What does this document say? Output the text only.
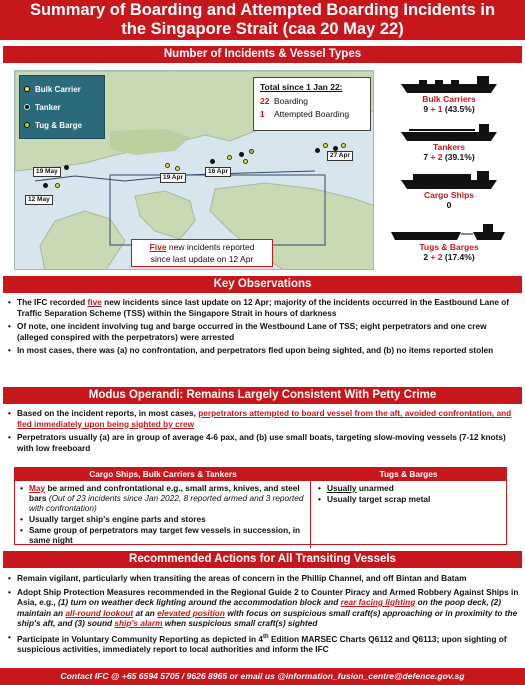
Summary of Boarding and Attempted Boarding Incidents in
the Singapore Strait (caa 20 May 22)
Number of Incidents & Vessel Types
Bulk Carrier
Tanker
Tug & Barge
Total since 1 Jan 22:
22 Boarding
1	Attempted Boarding
19 May
12 May
19 Apr
16 Apr
27 Apr
Five new incidents reported
since last update on 12 Apr
Bulk Carriers
9 + 1 (43.5%)
Tankers
7 + 2 (39.1%)
Cargo Ships
0
Tugs & Barges
2 + 2 (17.4%)
Key Observations
• The IFC recorded five new incidents since last update on 12 Apr; majority of the incidents occurred in the Eastbound Lane of Traffic Separation Scheme (TSS) within the Singapore Strait in hours of darkness
• Of note, one incident involving tug and barge occurred in the Westbound Lane of TSS; eight perpetrators and one crew (alleged conspired with the perpetrators) were arrested
• In most cases, there was (a) no confrontation, and perpetrators fled upon being sighted, and (b) no items reported stolen
Modus Operandi: Remains Largely Consistent With Petty Crime
• Based on the incident reports, in most cases, perpetrators attempted to board vessel from the aft, avoided confrontation, and fled immediately upon being sighted by crew
• Perpetrators usually (a) are in group of average 4-6 pax, and (b) use small boats, targeting slow-moving vessels (7-12 knots) with low freeboard
Cargo Ships, Bulk Carriers & Tankers	Tugs & Barges
• May be armed and confrontational e.g., small arms, knives, and steel bars (Out of 23 incidents since Jan 2022, 8 reported armed and 3 reported with confrontation)
• Usually target ship's engine parts and stores
• Same group of perpetrators may target few vessels in succession, in same night
• Usually unarmed
• Usually target scrap metal
Recommended Actions for All Transiting Vessels
• Remain vigilant, particularly when transiting the areas of concern in the Phillip Channel, and off Bintan and Batam
• Adopt Ship Protection Measures recommended in the Regional Guide 2 to Counter Piracy and Armed Robbery Against Ships in Asia, e.g., (1) turn on weather deck lighting around the accommodation block and rear facing lighting on the poop deck, (2) maintain an all-round lookout at an elevated position with focus on suspicious small craft(s) approaching or in proximity to the ship's aft, and (3) sound ship's alarm when suspicious small craft(s) sighted
• Participate in Voluntary Community Reporting as depicted in 4th Edition MARSEC Charts Q6112 and Q6113; upon sighting of suspicious activities, immediately report to local authorities and inform the IFC
Contact IFC @ +65 6594 5705 / 9626 8965 or email us @information_fusion_centre@defence.gov.sg
